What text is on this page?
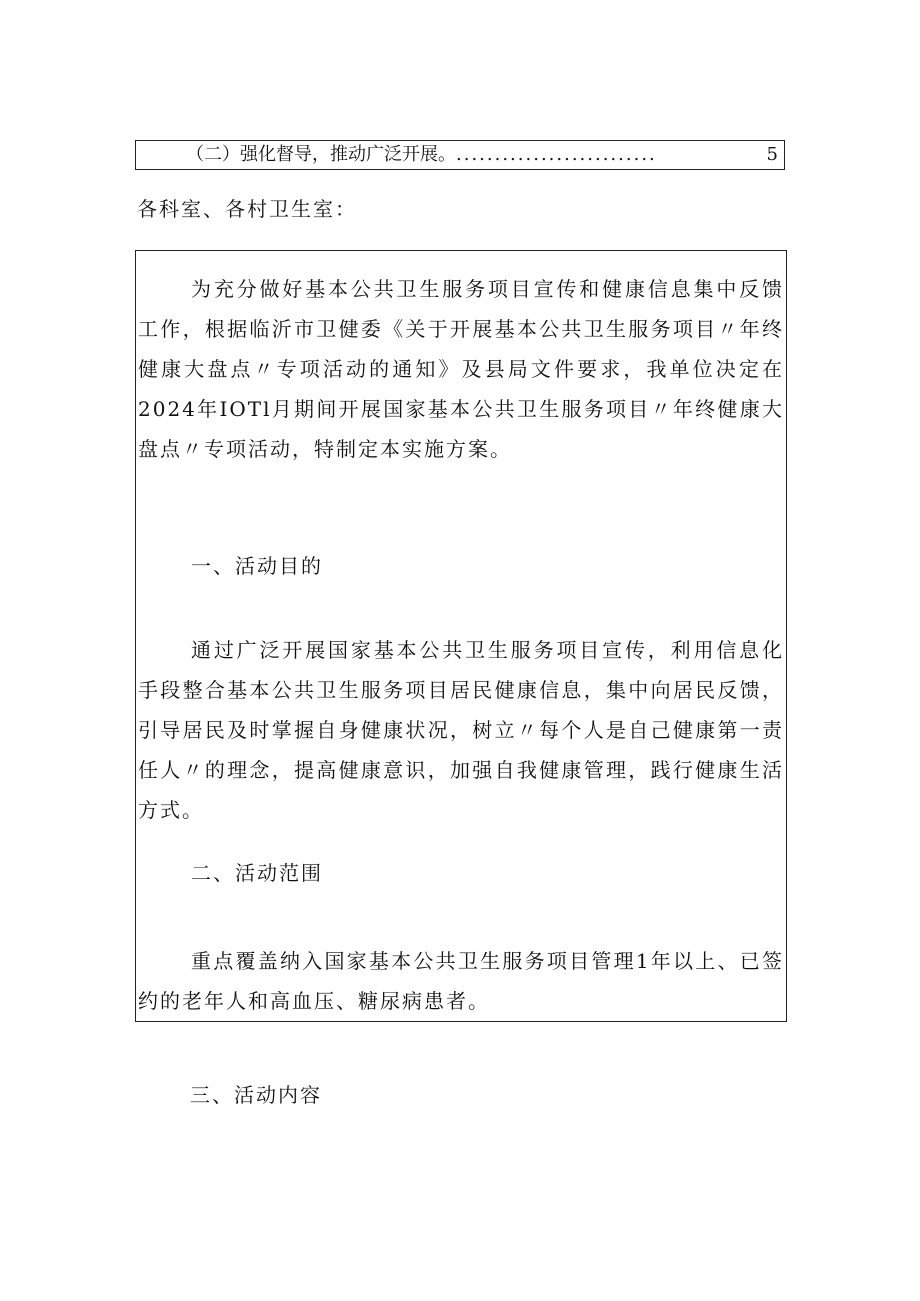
（二）强化督导，推动广泛开展。 ..........................	5
各科室、各村卫生室：

为充分做好基本公共卫生服务项目宣传和健康信息集中反馈工作，根据临沂市卫健委《关于开展基本公共卫生服务项目〃年终健康大盘点〃专项活动的通知》及县局文件要求，我单位决定在2024年IOTl月期间开展国家基本公共卫生服务项目〃年终健康大盘点〃专项活动，特制定本实施方案。

一、活动目的

通过广泛开展国家基本公共卫生服务项目宣传，利用信息化手段整合基本公共卫生服务项目居民健康信息，集中向居民反馈，引导居民及时掌握自身健康状况，树立〃每个人是自己健康第一责任人〃的理念，提高健康意识，加强自我健康管理，践行健康生活方式。

二、活动范围

重点覆盖纳入国家基本公共卫生服务项目管理1年以上、已签约的老年人和高血压、糖尿病患者。

三、活动内容
